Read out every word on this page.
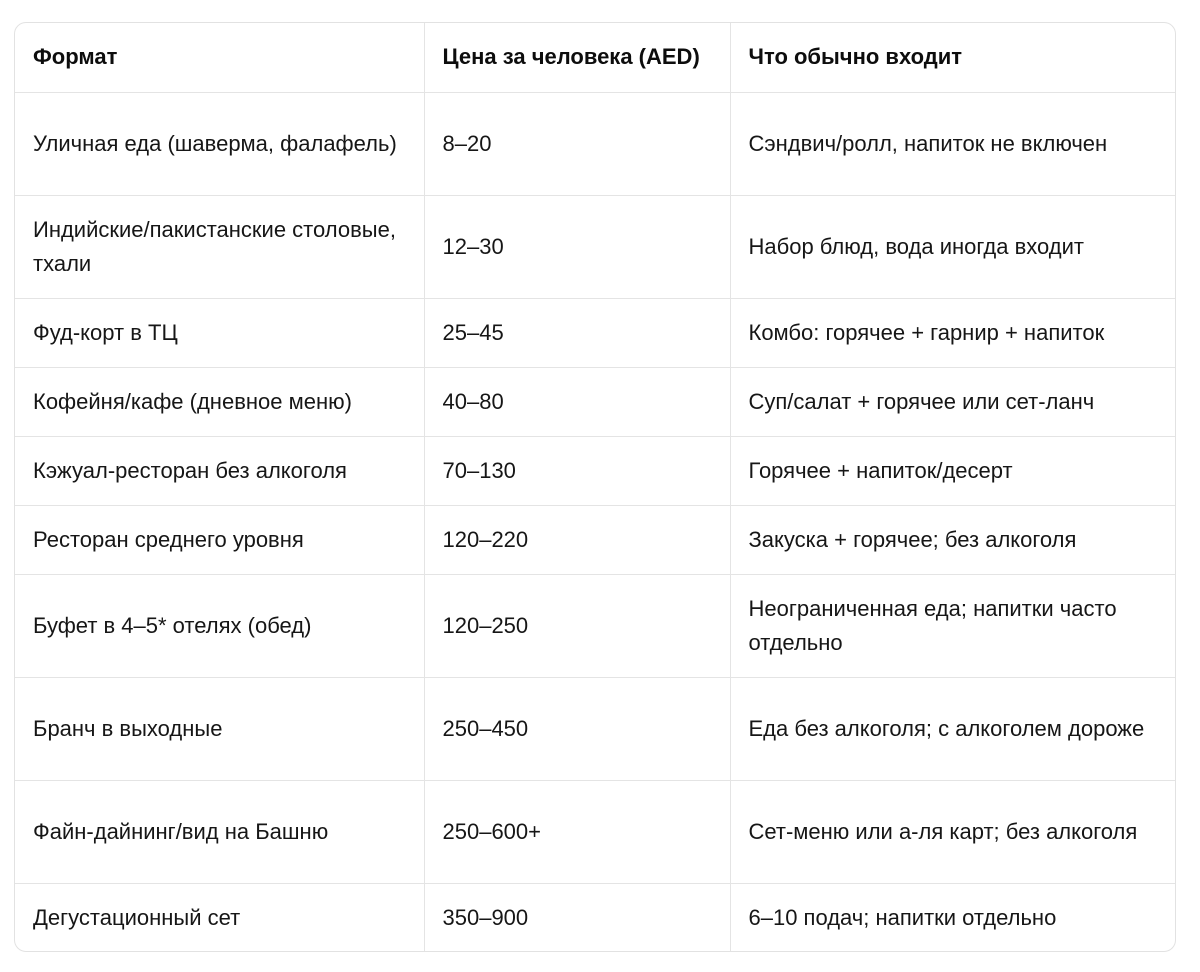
Формат	Цена за человека (AED)	Что обычно входит
Уличная еда (шаверма, фалафель)	8–20	Сэндвич/ролл, напиток не включен
Индийские/пакистанские столовые, тхали	12–30	Набор блюд, вода иногда входит
Фуд-корт в ТЦ	25–45	Комбо: горячее + гарнир + напиток
Кофейня/кафе (дневное меню)	40–80	Суп/салат + горячее или сет-ланч
Кэжуал-ресторан без алкоголя	70–130	Горячее + напиток/десерт
Ресторан среднего уровня	120–220	Закуска + горячее; без алкоголя
Буфет в 4–5* отелях (обед)	120–250	Неограниченная еда; напитки часто отдельно
Бранч в выходные	250–450	Еда без алкоголя; с алкоголем дороже
Файн-дайнинг/вид на Башню	250–600+	Сет-меню или а-ля карт; без алкоголя
Дегустационный сет	350–900	6–10 подач; напитки отдельно
